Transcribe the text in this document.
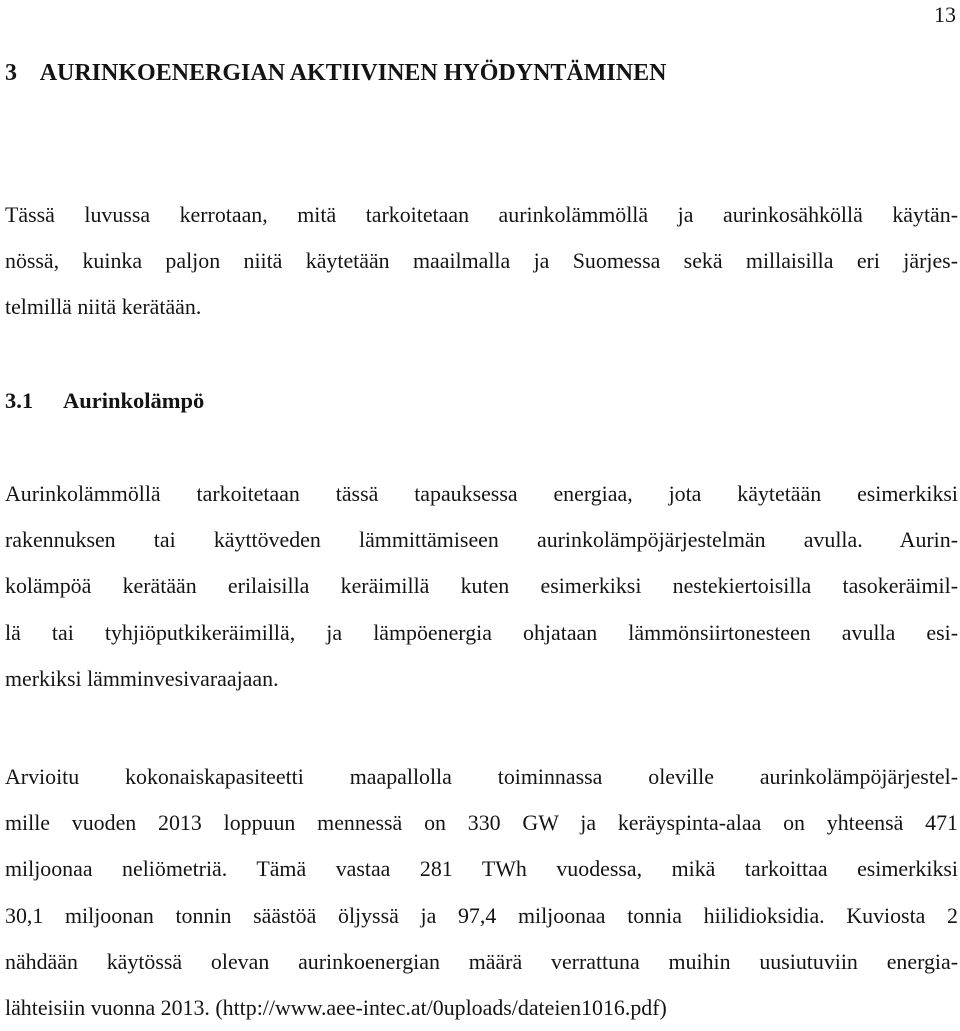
13
3 AURINKOENERGIAN AKTIIVINEN HYÖDYNTÄMINEN

Tässä luvussa kerrotaan, mitä tarkoitetaan aurinkolämmöllä ja aurinkosähköllä käytän-
nössä, kuinka paljon niitä käytetään maailmalla ja Suomessa sekä millaisilla eri järjes-
telmillä niitä kerätään.

3.1 Aurinkolämpö

Aurinkolämmöllä tarkoitetaan tässä tapauksessa energiaa, jota käytetään esimerkiksi
rakennuksen tai käyttöveden lämmittämiseen aurinkolämpöjärjestelmän avulla. Aurin-
kolämpöä kerätään erilaisilla keräimillä kuten esimerkiksi nestekiertoisilla tasokeräimil-
lä tai tyhjiöputkikeräimillä, ja lämpöenergia ohjataan lämmönsiirtonesteen avulla esi-
merkiksi lämminvesivaraajaan.

Arvioitu kokonaiskapasiteetti maapallolla toiminnassa oleville aurinkolämpöjärjestel-
mille vuoden 2013 loppuun mennessä on 330 GW ja keräyspinta-alaa on yhteensä 471
miljoonaa neliömetriä. Tämä vastaa 281 TWh vuodessa, mikä tarkoittaa esimerkiksi
30,1 miljoonan tonnin säästöä öljyssä ja 97,4 miljoonaa tonnia hiilidioksidia. Kuviosta 2
nähdään käytössä olevan aurinkoenergian määrä verrattuna muihin uusiutuviin energia-
lähteisiin vuonna 2013. (http://www.aee-intec.at/0uploads/dateien1016.pdf)
